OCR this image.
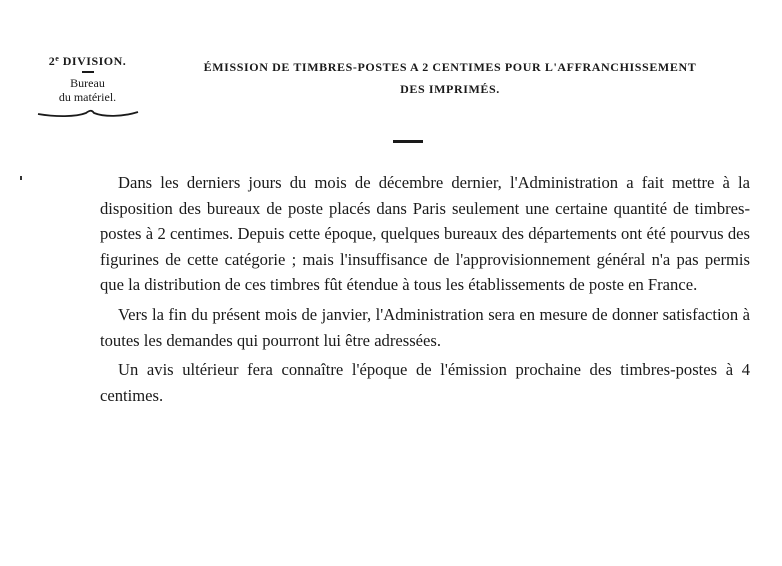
2e DIVISION.
Bureau
du matériel.
ÉMISSION DE TIMBRES-POSTES A 2 CENTIMES POUR L'AFFRANCHISSEMENT
DES IMPRIMÉS.

Dans les derniers jours du mois de décembre dernier, l'Administration a fait mettre à la disposition des bureaux de poste placés dans Paris seulement une certaine quantité de timbres-postes à 2 centimes. Depuis cette époque, quelques bureaux des départements ont été pourvus des figurines de cette catégorie ; mais l'insuffisance de l'approvisionnement général n'a pas permis que la distribution de ces timbres fût étendue à tous les établissements de poste en France.

Vers la fin du présent mois de janvier, l'Administration sera en mesure de donner satisfaction à toutes les demandes qui pourront lui être adressées.

Un avis ultérieur fera connaître l'époque de l'émission prochaine des timbres-postes à 4 centimes.
